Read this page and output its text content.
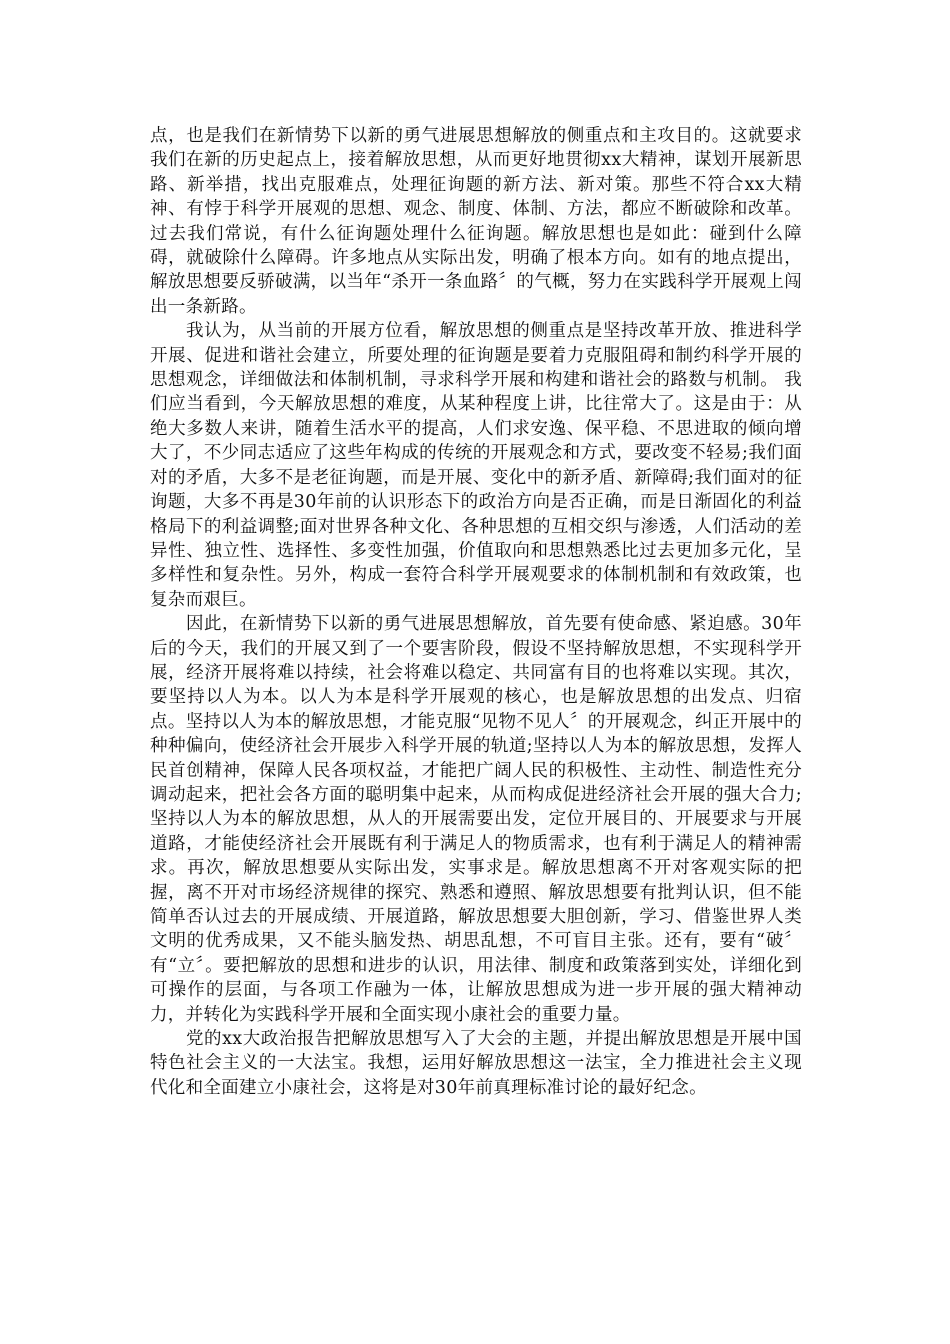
点，也是我们在新情势下以新的勇气进展思想解放的侧重点和主攻目的。这就要求我们在新的历史起点上，接着解放思想，从而更好地贯彻xx大精神，谋划开展新思路、新举措，找出克服难点，处理征询题的新方法、新对策。那些不符合xx大精神、有悖于科学开展观的思想、观念、制度、体制、方法，都应不断破除和改革。过去我们常说，有什么征询题处理什么征询题。解放思想也是如此：碰到什么障碍，就破除什么障碍。许多地点从实际出发，明确了根本方向。如有的地点提出，解放思想要反骄破满，以当年“杀开一条血路〞的气概，努力在实践科学开展观上闯出一条新路。

我认为，从当前的开展方位看，解放思想的侧重点是坚持改革开放、推进科学开展、促进和谐社会建立，所要处理的征询题是要着力克服阻碍和制约科学开展的思想观念，详细做法和体制机制，寻求科学开展和构建和谐社会的路数与机制。 我们应当看到，今天解放思想的难度，从某种程度上讲，比往常大了。这是由于：从绝大多数人来讲，随着生活水平的提高，人们求安逸、保平稳、不思进取的倾向增大了，不少同志适应了这些年构成的传统的开展观念和方式，要改变不轻易;我们面对的矛盾，大多不是老征询题，而是开展、变化中的新矛盾、新障碍;我们面对的征询题，大多不再是30年前的认识形态下的政治方向是否正确，而是日渐固化的利益格局下的利益调整;面对世界各种文化、各种思想的互相交织与渗透，人们活动的差异性、独立性、选择性、多变性加强，价值取向和思想熟悉比过去更加多元化，呈多样性和复杂性。另外，构成一套符合科学开展观要求的体制机制和有效政策，也复杂而艰巨。

因此，在新情势下以新的勇气进展思想解放，首先要有使命感、紧迫感。30年后的今天，我们的开展又到了一个要害阶段，假设不坚持解放思想，不实现科学开展，经济开展将难以持续，社会将难以稳定、共同富有目的也将难以实现。其次，要坚持以人为本。以人为本是科学开展观的核心，也是解放思想的出发点、归宿点。坚持以人为本的解放思想，才能克服“见物不见人〞的开展观念，纠正开展中的种种偏向，使经济社会开展步入科学开展的轨道;坚持以人为本的解放思想，发挥人民首创精神，保障人民各项权益，才能把广阔人民的积极性、主动性、制造性充分调动起来，把社会各方面的聪明集中起来，从而构成促进经济社会开展的强大合力;坚持以人为本的解放思想，从人的开展需要出发，定位开展目的、开展要求与开展道路，才能使经济社会开展既有利于满足人的物质需求，也有利于满足人的精神需求。再次，解放思想要从实际出发，实事求是。解放思想离不开对客观实际的把握，离不开对市场经济规律的探究、熟悉和遵照、解放思想要有批判认识，但不能简单否认过去的开展成绩、开展道路，解放思想要大胆创新，学习、借鉴世界人类文明的优秀成果，又不能头脑发热、胡思乱想，不可盲目主张。还有，要有“破〞有“立〞。要把解放的思想和进步的认识，用法律、制度和政策落到实处，详细化到可操作的层面，与各项工作融为一体，让解放思想成为进一步开展的强大精神动力，并转化为实践科学开展和全面实现小康社会的重要力量。

党的xx大政治报告把解放思想写入了大会的主题，并提出解放思想是开展中国特色社会主义的一大法宝。我想，运用好解放思想这一法宝，全力推进社会主义现代化和全面建立小康社会，这将是对30年前真理标准讨论的最好纪念。
